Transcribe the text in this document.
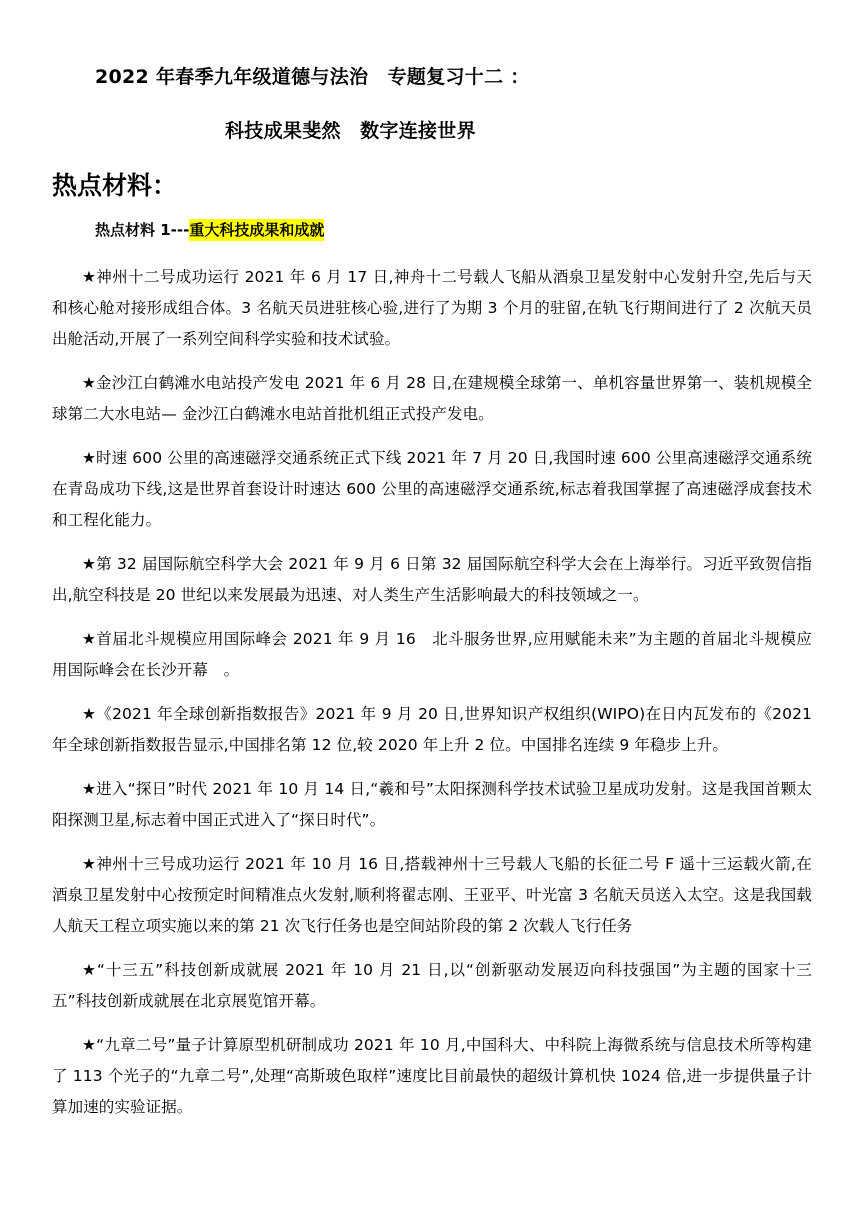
2022 年春季九年级道德与法治　专题复习十二 ：
科技成果斐然　数字连接世界
热点材料：
热点材料 1---重大科技成果和成就

★神州十二号成功运行 2021 年 6 月 17 日,神舟十二号载人飞船从酒泉卫星发射中心发射升空,先后与天和核心舱对接形成组合体。3 名航天员进驻核心验,进行了为期 3 个月的驻留,在轨飞行期间进行了 2 次航天员出舱活动,开展了一系列空间科学实验和技术试验。

★金沙江白鹤滩水电站投产发电 2021 年 6 月 28 日,在建规模全球第一、单机容量世界第一、装机规模全球第二大水电站— 金沙江白鹤滩水电站首批机组正式投产发电。

★时速 600 公里的高速磁浮交通系统正式下线 2021 年 7 月 20 日,我国时速 600 公里高速磁浮交通系统在青岛成功下线,这是世界首套设计时速达 600 公里的高速磁浮交通系统,标志着我国掌握了高速磁浮成套技术和工程化能力。

★第 32 届国际航空科学大会 2021 年 9 月 6 日第 32 届国际航空科学大会在上海举行。习近平致贺信指出,航空科技是 20 世纪以来发展最为迅速、对人类生产生活影响最大的科技领域之一。

★首届北斗规模应用国际峰会 2021 年 9 月 16　北斗服务世界,应用赋能未来”为主题的首届北斗规模应用国际峰会在长沙开幕　。

★《2021 年全球创新指数报告》2021 年 9 月 20 日,世界知识产权组织(WIPO)在日内瓦发布的《2021 年全球创新指数报告显示,中国排名第 12 位,较 2020 年上升 2 位。中国排名连续 9 年稳步上升。

★进入“探日”时代 2021 年 10 月 14 日,“羲和号”太阳探测科学技术试验卫星成功发射。这是我国首颗太阳探测卫星,标志着中国正式进入了“探日时代”。

★神州十三号成功运行 2021 年 10 月 16 日,搭载神州十三号载人飞船的长征二号 F 遥十三运载火箭,在酒泉卫星发射中心按预定时间精准点火发射,顺利将翟志刚、王亚平、叶光富 3 名航天员送入太空。这是我国载人航天工程立项实施以来的第 21 次飞行任务也是空间站阶段的第 2 次载人飞行任务

★“十三五”科技创新成就展 2021 年 10 月 21 日,以“创新驱动发展迈向科技强国”为主题的国家十三五”科技创新成就展在北京展览馆开幕。

★“九章二号”量子计算原型机研制成功 2021 年 10 月,中国科大、中科院上海微系统与信息技术所等构建了 113 个光子的“九章二号”,处理“高斯玻色取样”速度比目前最快的超级计算机快 1024 倍,进一步提供量子计算加速的实验证据。
